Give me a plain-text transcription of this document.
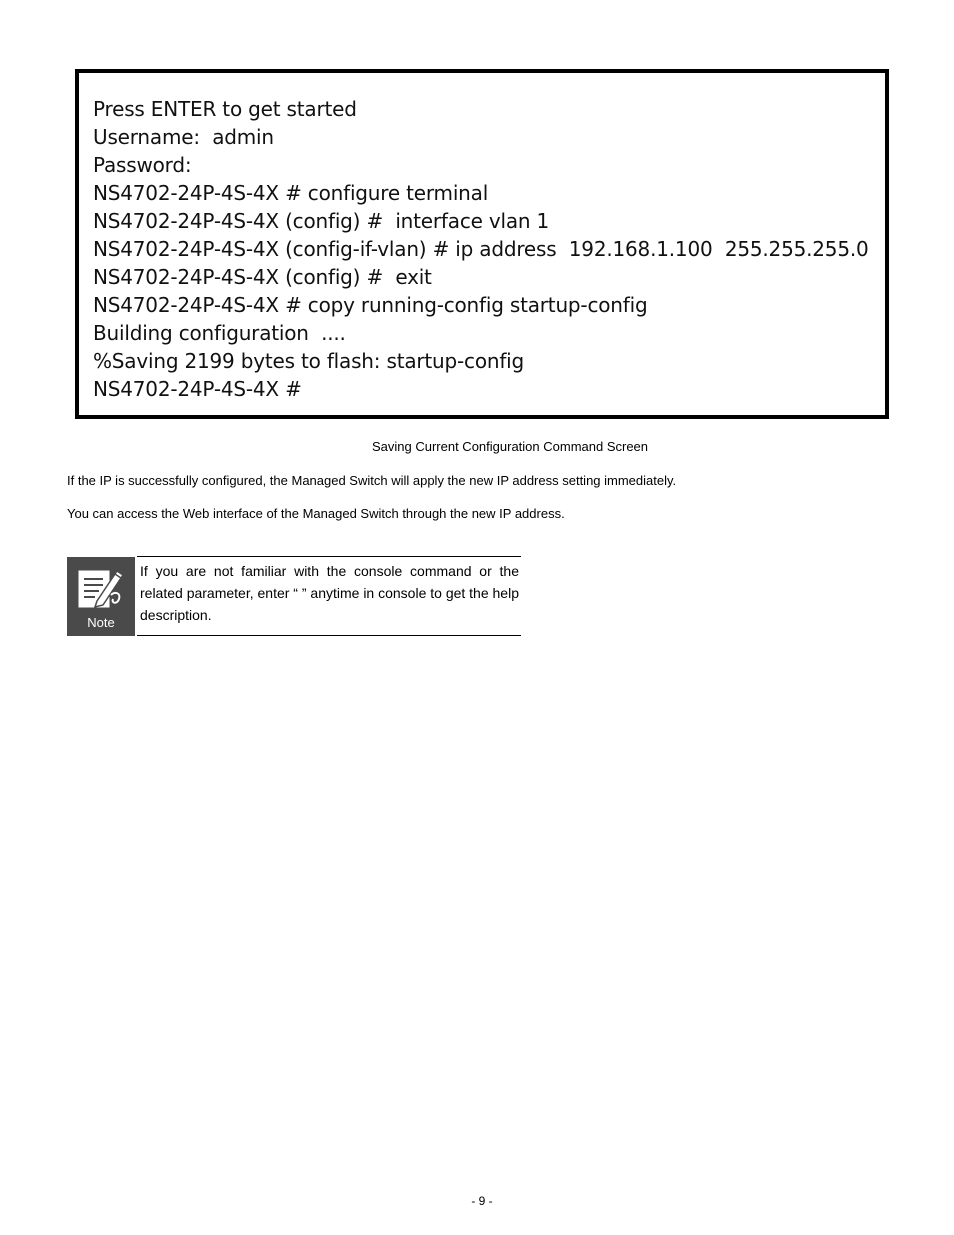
Press ENTER to get started
Username:  admin
Password:
NS4702-24P-4S-4X # configure terminal
NS4702-24P-4S-4X (config) #  interface vlan 1
NS4702-24P-4S-4X (config-if-vlan) # ip address  192.168.1.100  255.255.255.0
NS4702-24P-4S-4X (config) #  exit
NS4702-24P-4S-4X # copy running-config startup-config
Building configuration  ....
%Saving 2199 bytes to flash: startup-config
NS4702-24P-4S-4X #
Saving Current Configuration Command Screen
If the IP is successfully configured, the Managed Switch will apply the new IP address setting immediately.
You can access the Web interface of the Managed Switch through the new IP address.
Note
If you are not familiar with the console command or the related parameter, enter “ ” anytime in console to get the help description.
- 9 -
